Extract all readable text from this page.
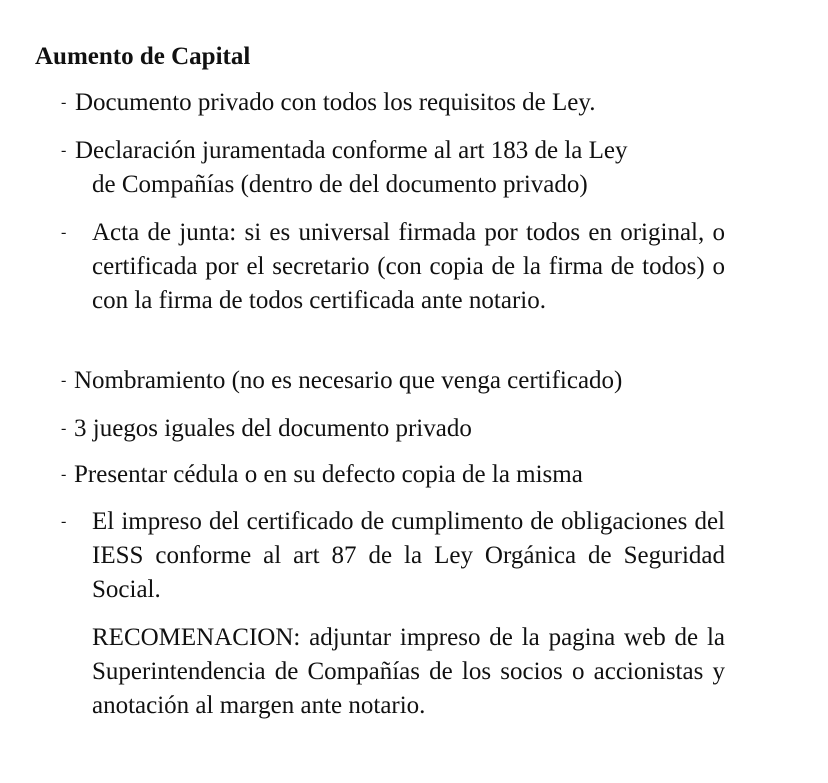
Aumento de Capital
- Documento privado con todos los requisitos de Ley.
- Declaración juramentada conforme al art 183 de la Ley
de Compañías (dentro de del documento privado)
- Acta de junta: si es universal firmada por todos en original, o certificada por el secretario (con copia de la firma de todos) o con la firma de todos certificada ante notario.
- Nombramiento (no es necesario que venga certificado)
- 3 juegos iguales del documento privado
- Presentar cédula o en su defecto copia de la misma
- El impreso del certificado de cumplimento de obligaciones del IESS conforme al art 87 de la Ley Orgánica de Seguridad Social.
RECOMENACION: adjuntar impreso de la pagina web de la Superintendencia de Compañías de los socios o accionistas y anotación al margen ante notario.
